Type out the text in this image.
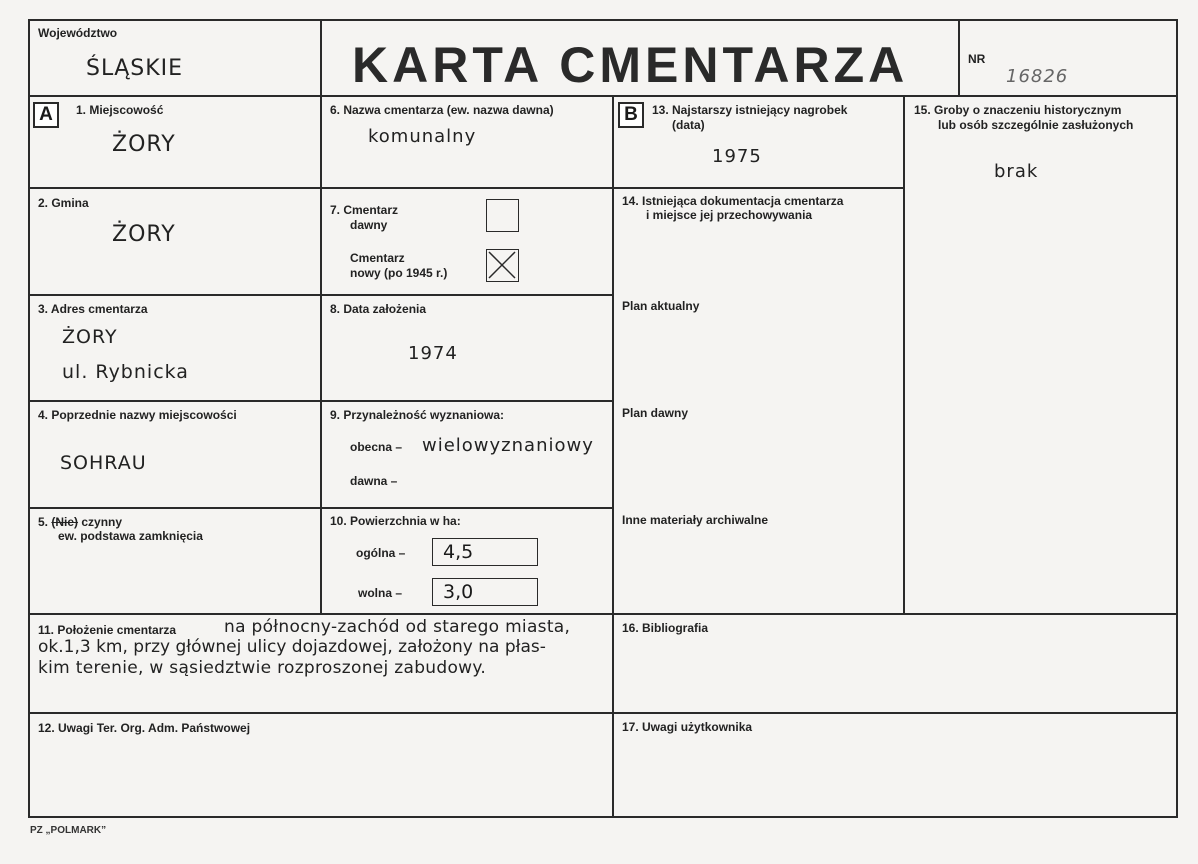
Województwo
ŚLĄSKIE	KARTA CMENTARZA	NR
16826
A	B
1. Miejscowość
ŻORY
2. Gmina
ŻORY
3. Adres cmentarza
ŻORY
ul. Rybnicka
4. Poprzednie nazwy miejscowości
SOHRAU
5. (Nie) czynny
ew. podstawa zamknięcia
6. Nazwa cmentarza (ew. nazwa dawna)
komunalny
7. Cmentarz
dawny
Cmentarz
nowy (po 1945 r.)
8. Data założenia
1974
9. Przynależność wyznaniowa:
obecna – wielowyznaniowy
dawna –
10. Powierzchnia w ha:
ogólna –	4,5
wolna –	3,0
11. Położenie cmentarza	na północny-zachód od starego miasta,
ok.1,3 km, przy głównej ulicy dojazdowej, założony na płas-
kim terenie, w sąsiedztwie rozproszonej zabudowy.
12. Uwagi Ter. Org. Adm. Państwowej
13. Najstarszy istniejący nagrobek
(data)
1975
14. Istniejąca dokumentacja cmentarza
i miejsce jej przechowywania
Plan aktualny
Plan dawny
Inne materiały archiwalne
15. Groby o znaczeniu historycznym
lub osób szczególnie zasłużonych
brak
16. Bibliografia
17. Uwagi użytkownika
PZ „POLMARK”
